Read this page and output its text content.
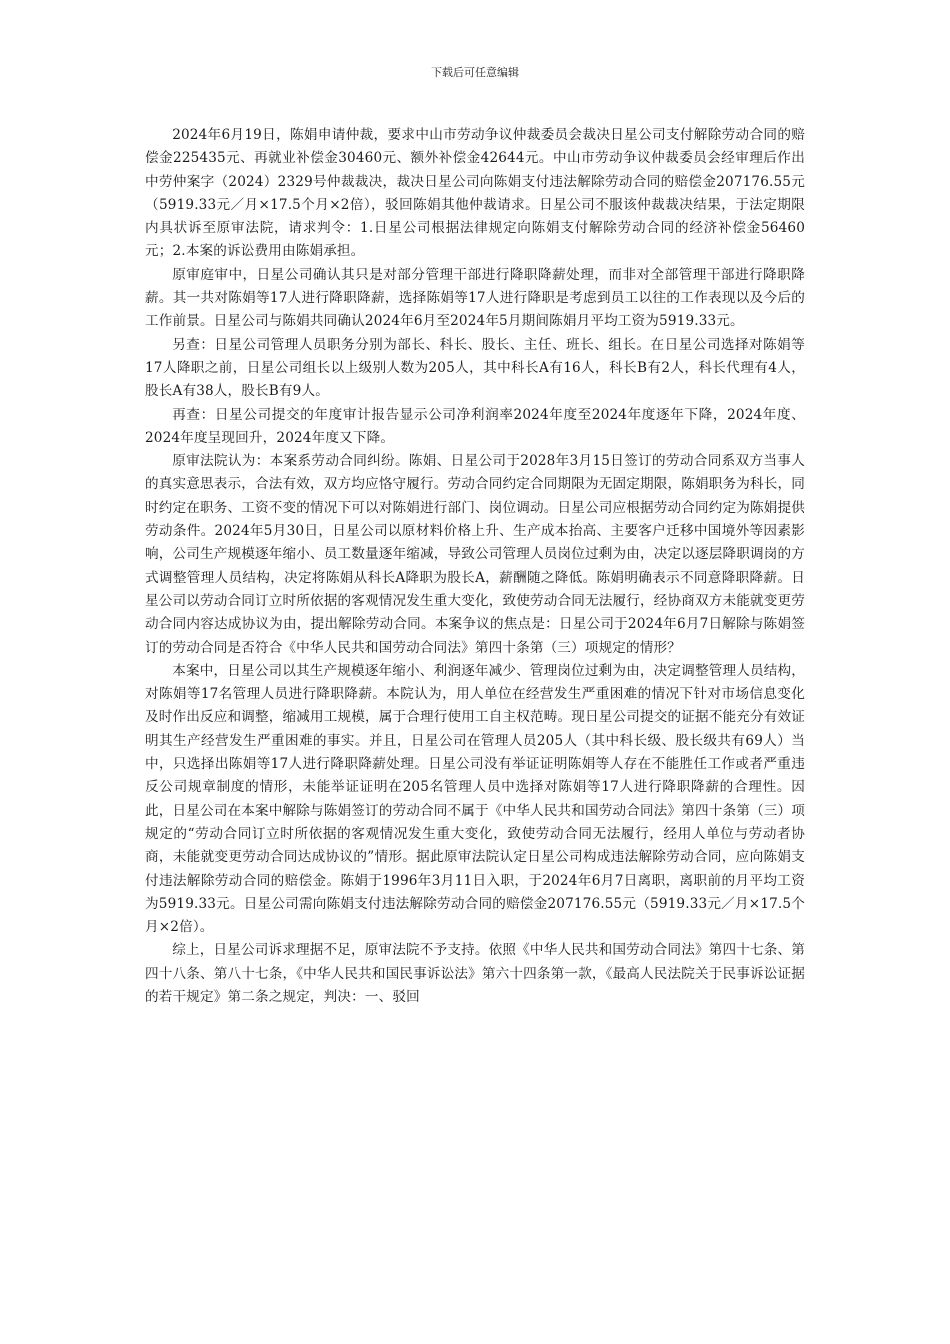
下载后可任意编辑

2024年6月19日，陈娟申请仲裁，要求中山市劳动争议仲裁委员会裁决日星公司支付解除劳动合同的赔偿金225435元、再就业补偿金30460元、额外补偿金42644元。中山市劳动争议仲裁委员会经审理后作出中劳仲案字（2024）2329号仲裁裁决，裁决日星公司向陈娟支付违法解除劳动合同的赔偿金207176.55元（5919.33元／月×17.5个月×2倍），驳回陈娟其他仲裁请求。日星公司不服该仲裁裁决结果，于法定期限内具状诉至原审法院，请求判令：1.日星公司根据法律规定向陈娟支付解除劳动合同的经济补偿金56460元；2.本案的诉讼费用由陈娟承担。

原审庭审中，日星公司确认其只是对部分管理干部进行降职降薪处理，而非对全部管理干部进行降职降薪。其一共对陈娟等17人进行降职降薪，选择陈娟等17人进行降职是考虑到员工以往的工作表现以及今后的工作前景。日星公司与陈娟共同确认2024年6月至2024年5月期间陈娟月平均工资为5919.33元。

另查：日星公司管理人员职务分别为部长、科长、股长、主任、班长、组长。在日星公司选择对陈娟等17人降职之前，日星公司组长以上级别人数为205人，其中科长A有16人，科长B有2人，科长代理有4人，股长A有38人，股长B有9人。

再查：日星公司提交的年度审计报告显示公司净利润率2024年度至2024年度逐年下降，2024年度、2024年度呈现回升，2024年度又下降。

原审法院认为：本案系劳动合同纠纷。陈娟、日星公司于2028年3月15日签订的劳动合同系双方当事人的真实意思表示，合法有效，双方均应恪守履行。劳动合同约定合同期限为无固定期限，陈娟职务为科长，同时约定在职务、工资不变的情况下可以对陈娟进行部门、岗位调动。日星公司应根据劳动合同约定为陈娟提供劳动条件。2024年5月30日，日星公司以原材料价格上升、生产成本抬高、主要客户迁移中国境外等因素影响，公司生产规模逐年缩小、员工数量逐年缩减，导致公司管理人员岗位过剩为由，决定以逐层降职调岗的方式调整管理人员结构，决定将陈娟从科长A降职为股长A，薪酬随之降低。陈娟明确表示不同意降职降薪。日星公司以劳动合同订立时所依据的客观情况发生重大变化，致使劳动合同无法履行，经协商双方未能就变更劳动合同内容达成协议为由，提出解除劳动合同。本案争议的焦点是：日星公司于2024年6月7日解除与陈娟签订的劳动合同是否符合《中华人民共和国劳动合同法》第四十条第（三）项规定的情形？

本案中，日星公司以其生产规模逐年缩小、利润逐年减少、管理岗位过剩为由，决定调整管理人员结构，对陈娟等17名管理人员进行降职降薪。本院认为，用人单位在经营发生严重困难的情况下针对市场信息变化及时作出反应和调整，缩减用工规模，属于合理行使用工自主权范畴。现日星公司提交的证据不能充分有效证明其生产经营发生严重困难的事实。并且，日星公司在管理人员205人（其中科长级、股长级共有69人）当中，只选择出陈娟等17人进行降职降薪处理。日星公司没有举证证明陈娟等人存在不能胜任工作或者严重违反公司规章制度的情形，未能举证证明在205名管理人员中选择对陈娟等17人进行降职降薪的合理性。因此，日星公司在本案中解除与陈娟签订的劳动合同不属于《中华人民共和国劳动合同法》第四十条第（三）项规定的“劳动合同订立时所依据的客观情况发生重大变化，致使劳动合同无法履行，经用人单位与劳动者协商，未能就变更劳动合同达成协议的”情形。据此原审法院认定日星公司构成违法解除劳动合同，应向陈娟支付违法解除劳动合同的赔偿金。陈娟于1996年3月11日入职，于2024年6月7日离职，离职前的月平均工资为5919.33元。日星公司需向陈娟支付违法解除劳动合同的赔偿金207176.55元（5919.33元／月×17.5个月×2倍）。

综上，日星公司诉求理据不足，原审法院不予支持。依照《中华人民共和国劳动合同法》第四十七条、第四十八条、第八十七条，《中华人民共和国民事诉讼法》第六十四条第一款，《最高人民法院关于民事诉讼证据的若干规定》第二条之规定，判决：一、驳回
